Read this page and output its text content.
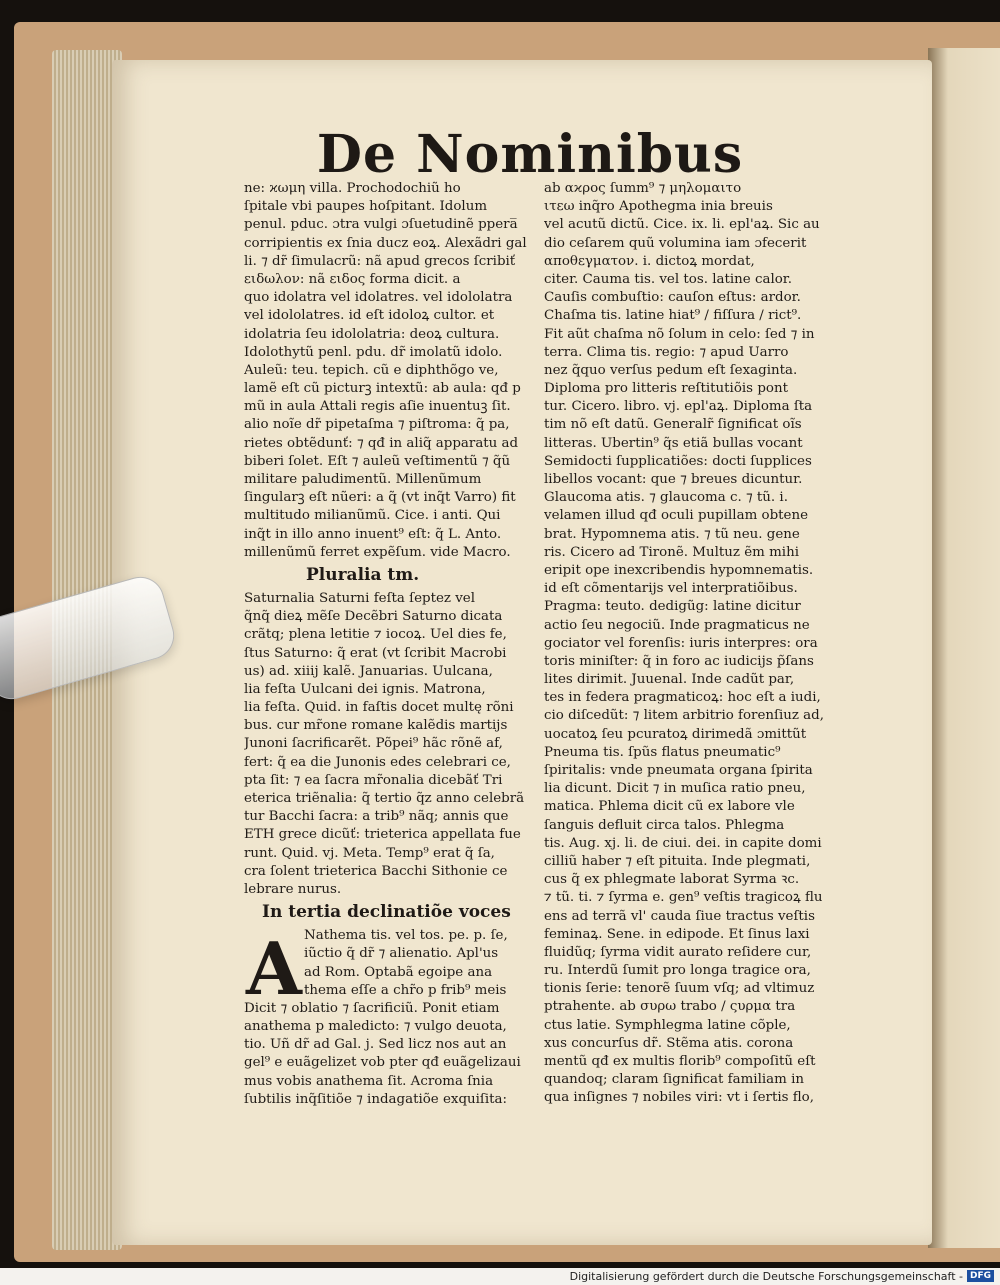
De Nominibus
ne: ϰωμη villa. Prochodochiũ ho
ſpitale vbi paupes hoſpitant. Idolum
penul. pduc. ɔtra vulgi ɔſuetudinẽ ppera̅
corripientis ex ſnia ducz eoꝝ. Alexãdri gal
li. ⁊ dr̃ ſimulacrũ: nã apud grecos ſcribiť
ειδωλον: nã ειδος forma dicit. a
quo idolatra vel idolatres. vel idololatra
vel idololatres. id eſt idoloꝝ cultor. et
idolatria ſeu idololatria: deoꝝ cultura.
Idolothytũ penl. pdu. dr̃ imolatũ idolo.
Auleũ: teu. tepich. cũ e diphthõgo ve,
lamẽ eſt cũ picturꝫ intextũ: ab aula: qđ p
mũ in aula Attali regis aſie inuentuꝫ ſit.
alio noĩe dr̃ pipetaſma ⁊ piſtroma: q̃ pa,
rietes obtẽdunť: ⁊ qđ in aliq̃ apparatu ad
biberi ſolet. Eſt ⁊ auleũ veſtimentũ ⁊ q̃ũ
militare paludimentũ. Millenũmum
ſingularꝫ eſt nũeri: a q̃ (vt inq̃t Varro) fit
multitudo milianũmũ. Cice. i anti. Qui
inq̃t in illo anno inuent⁹ eſt: q̃ L. Anto.
millenũmũ ferret expẽſum. vide Macro.
Pluralia tm.
Saturnalia Saturni feſta ſeptez vel
q̃nq̃ dieꝝ mẽſe Decẽbri Saturno dicata
crãtq; plena letitie ⁊ iocoꝝ. Uel dies fe,
ſtus Saturno: q̃ erat (vt ſcribit Macrobi
us) ad. xiiij kalẽ. Januarias. Uulcana,
lia feſta Uulcani dei ignis. Matrona,
lia feſta. Quid. in faſtis docet multę rõni
bus. cur mr̃one romane kalẽdis martijs
Junoni ſacrificarẽt. Põpei⁹ hãc rõnẽ af,
fert: q̃ ea die Junonis edes celebrari ce,
pta ſit: ⁊ ea ſacra mr̃onalia dicebãť Tri
eterica triẽnalia: q̃ tertio q̃z anno celebrã
tur Bacchi ſacra: a trib⁹ nãq; annis que
ΕΤΗ grece dicũť: trieterica appellata fue
runt. Quid. vj. Meta. Temp⁹ erat q̃ ſa,
cra ſolent trieterica Bacchi Sithonie ce
lebrare nurus.
In tertia declinatiõe voces
A Nathema tis. vel tos. pe. p. ſe,
iũctio q̃ dr̃ ⁊ alienatio. Apl'us
ad Rom. Optabã egoipe ana
thema eſſe a chr̃o p frib⁹ meis
Dicit ⁊ oblatio ⁊ ſacrificiũ. Ponit etiam
anathema p maledicto: ⁊ vulgo deuota,
tio. Uñ dr̃ ad Gal. j. Sed licz nos aut an
gel⁹ e euãgelizet vob pter qđ euãgelizaui
mus vobis anathema ſit. Acroma ſnia
ſubtilis inq̃ſitiõe ⁊ indagatiõe exquiſita:
ab αϰρος ſumm⁹ ⁊ μηλομαιτο
ιτεω inq̃ro Apothegma inia breuis
vel acutũ dictũ. Cice. ix. li. epl'aꝝ. Sic au
dio ceſarem quũ volumina iam ɔfecerit
αποθεγματον. i. dictoꝝ mordat,
citer. Cauma tis. vel tos. latine calor.
Cauſis combuſtio: cauſon eſtus: ardor.
Chaſma tis. latine hiat⁹ / fiſſura / rict⁹.
Fit aũt chaſma nõ ſolum in celo: ſed ⁊ in
terra. Clima tis. regio: ⁊ apud Uarro
nez q̃quo verſus pedum eſt ſexaginta.
Diploma pro litteris reſtitutiõis pont
tur. Cicero. libro. vj. epl'aꝝ. Diploma ſta
tim nõ eſt datũ. Generalr̃ ſignificat oĩs
litteras. Ubertin⁹ q̃s etiã bullas vocant
Semidocti ſupplicatiões: docti ſupplices
libellos vocant: que ⁊ breues dicuntur.
Glaucoma atis. ⁊ glaucoma c. ⁊ tũ. i.
velamen illud qđ oculi pupillam obtene
brat. Hypomnema atis. ⁊ tũ neu. gene
ris. Cicero ad Tironẽ. Multuz ẽm mihi
eripit ope inexcribendis hypomnematis.
id eſt cõmentarijs vel interpratiõibus.
Pragma: teuto. dedigũg: latine dicitur
actio ſeu negociũ. Inde pragmaticus ne
gociator vel forenſis: iuris interpres: ora
toris miniſter: q̃ in foro ac iudicijs p̃ſans
lites dirimit. Juuenal. Inde cadũt par,
tes in federa pragmaticoꝝ: hoc eſt a iudi,
cio diſcedũt: ⁊ litem arbitrio forenſiuz ad,
uocatoꝝ ſeu pcuratoꝝ dirimedã ɔmittũt
Pneuma tis. ſpũs flatus pneumatic⁹
ſpiritalis: vnde pneumata organa ſpirita
lia dicunt. Dicit ⁊ in muſica ratio pneu,
matica. Phlema dicit cũ ex labore vle
ſanguis defluit circa talos. Phlegma
tis. Aug. xj. li. de ciui. dei. in capite domi
cilliũ haber ⁊ eſt pituita. Inde plegmati,
cus q̃ ex phlegmate laborat Syrma ꝛc.
⁊ tũ. ti. ⁊ ſyrma e. gen⁹ veſtis tragicoꝝ flu
ens ad terrã vl' cauda ſiue tractus veſtis
feminaꝝ. Sene. in edipode. Et ſinus laxi
fluidũq; ſyrma vidit aurato reſidere cur,
ru. Interdũ ſumit pro longa tragice ora,
tionis ſerie: tenorẽ ſuum vſq; ad vltimuz
ptrahente. ab συρω trabo / ςυρμα tra
ctus latie. Symphlegma latine cõple,
xus concurſus dr̃. Stẽma atis. corona
mentũ qđ ex multis florib⁹ compoſitũ eſt
quandoq; claram ſignificat familiam in
qua inſignes ⁊ nobiles viri: vt i ſertis flo,
Digitalisierung gefördert durch die Deutsche Forschungsgemeinschaft - DFG
